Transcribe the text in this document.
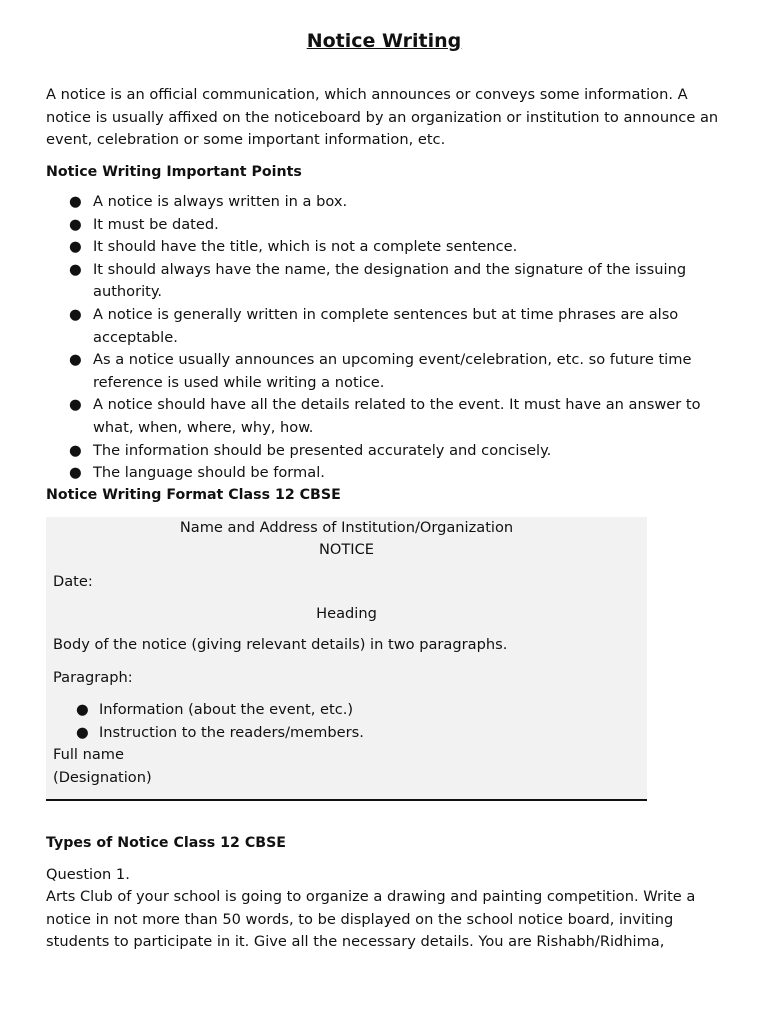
Notice Writing
A notice is an official communication, which announces or conveys some information. A notice is usually affixed on the noticeboard by an organization or institution to announce an event, celebration or some important information, etc.
Notice Writing Important Points
● A notice is always written in a box.
● It must be dated.
● It should have the title, which is not a complete sentence.
● It should always have the name, the designation and the signature of the issuing authority.
● A notice is generally written in complete sentences but at time phrases are also acceptable.
● As a notice usually announces an upcoming event/celebration, etc. so future time reference is used while writing a notice.
● A notice should have all the details related to the event. It must have an answer to what, when, where, why, how.
● The information should be presented accurately and concisely.
● The language should be formal.
Notice Writing Format Class 12 CBSE
Name and Address of Institution/Organization
NOTICE
Date:
Heading
Body of the notice (giving relevant details) in two paragraphs.
Paragraph:
● Information (about the event, etc.)
● Instruction to the readers/members.
Full name
(Designation)
Types of Notice Class 12 CBSE
Question 1.
Arts Club of your school is going to organize a drawing and painting competition. Write a notice in not more than 50 words, to be displayed on the school notice board, inviting students to participate in it. Give all the necessary details. You are Rishabh/Ridhima,
